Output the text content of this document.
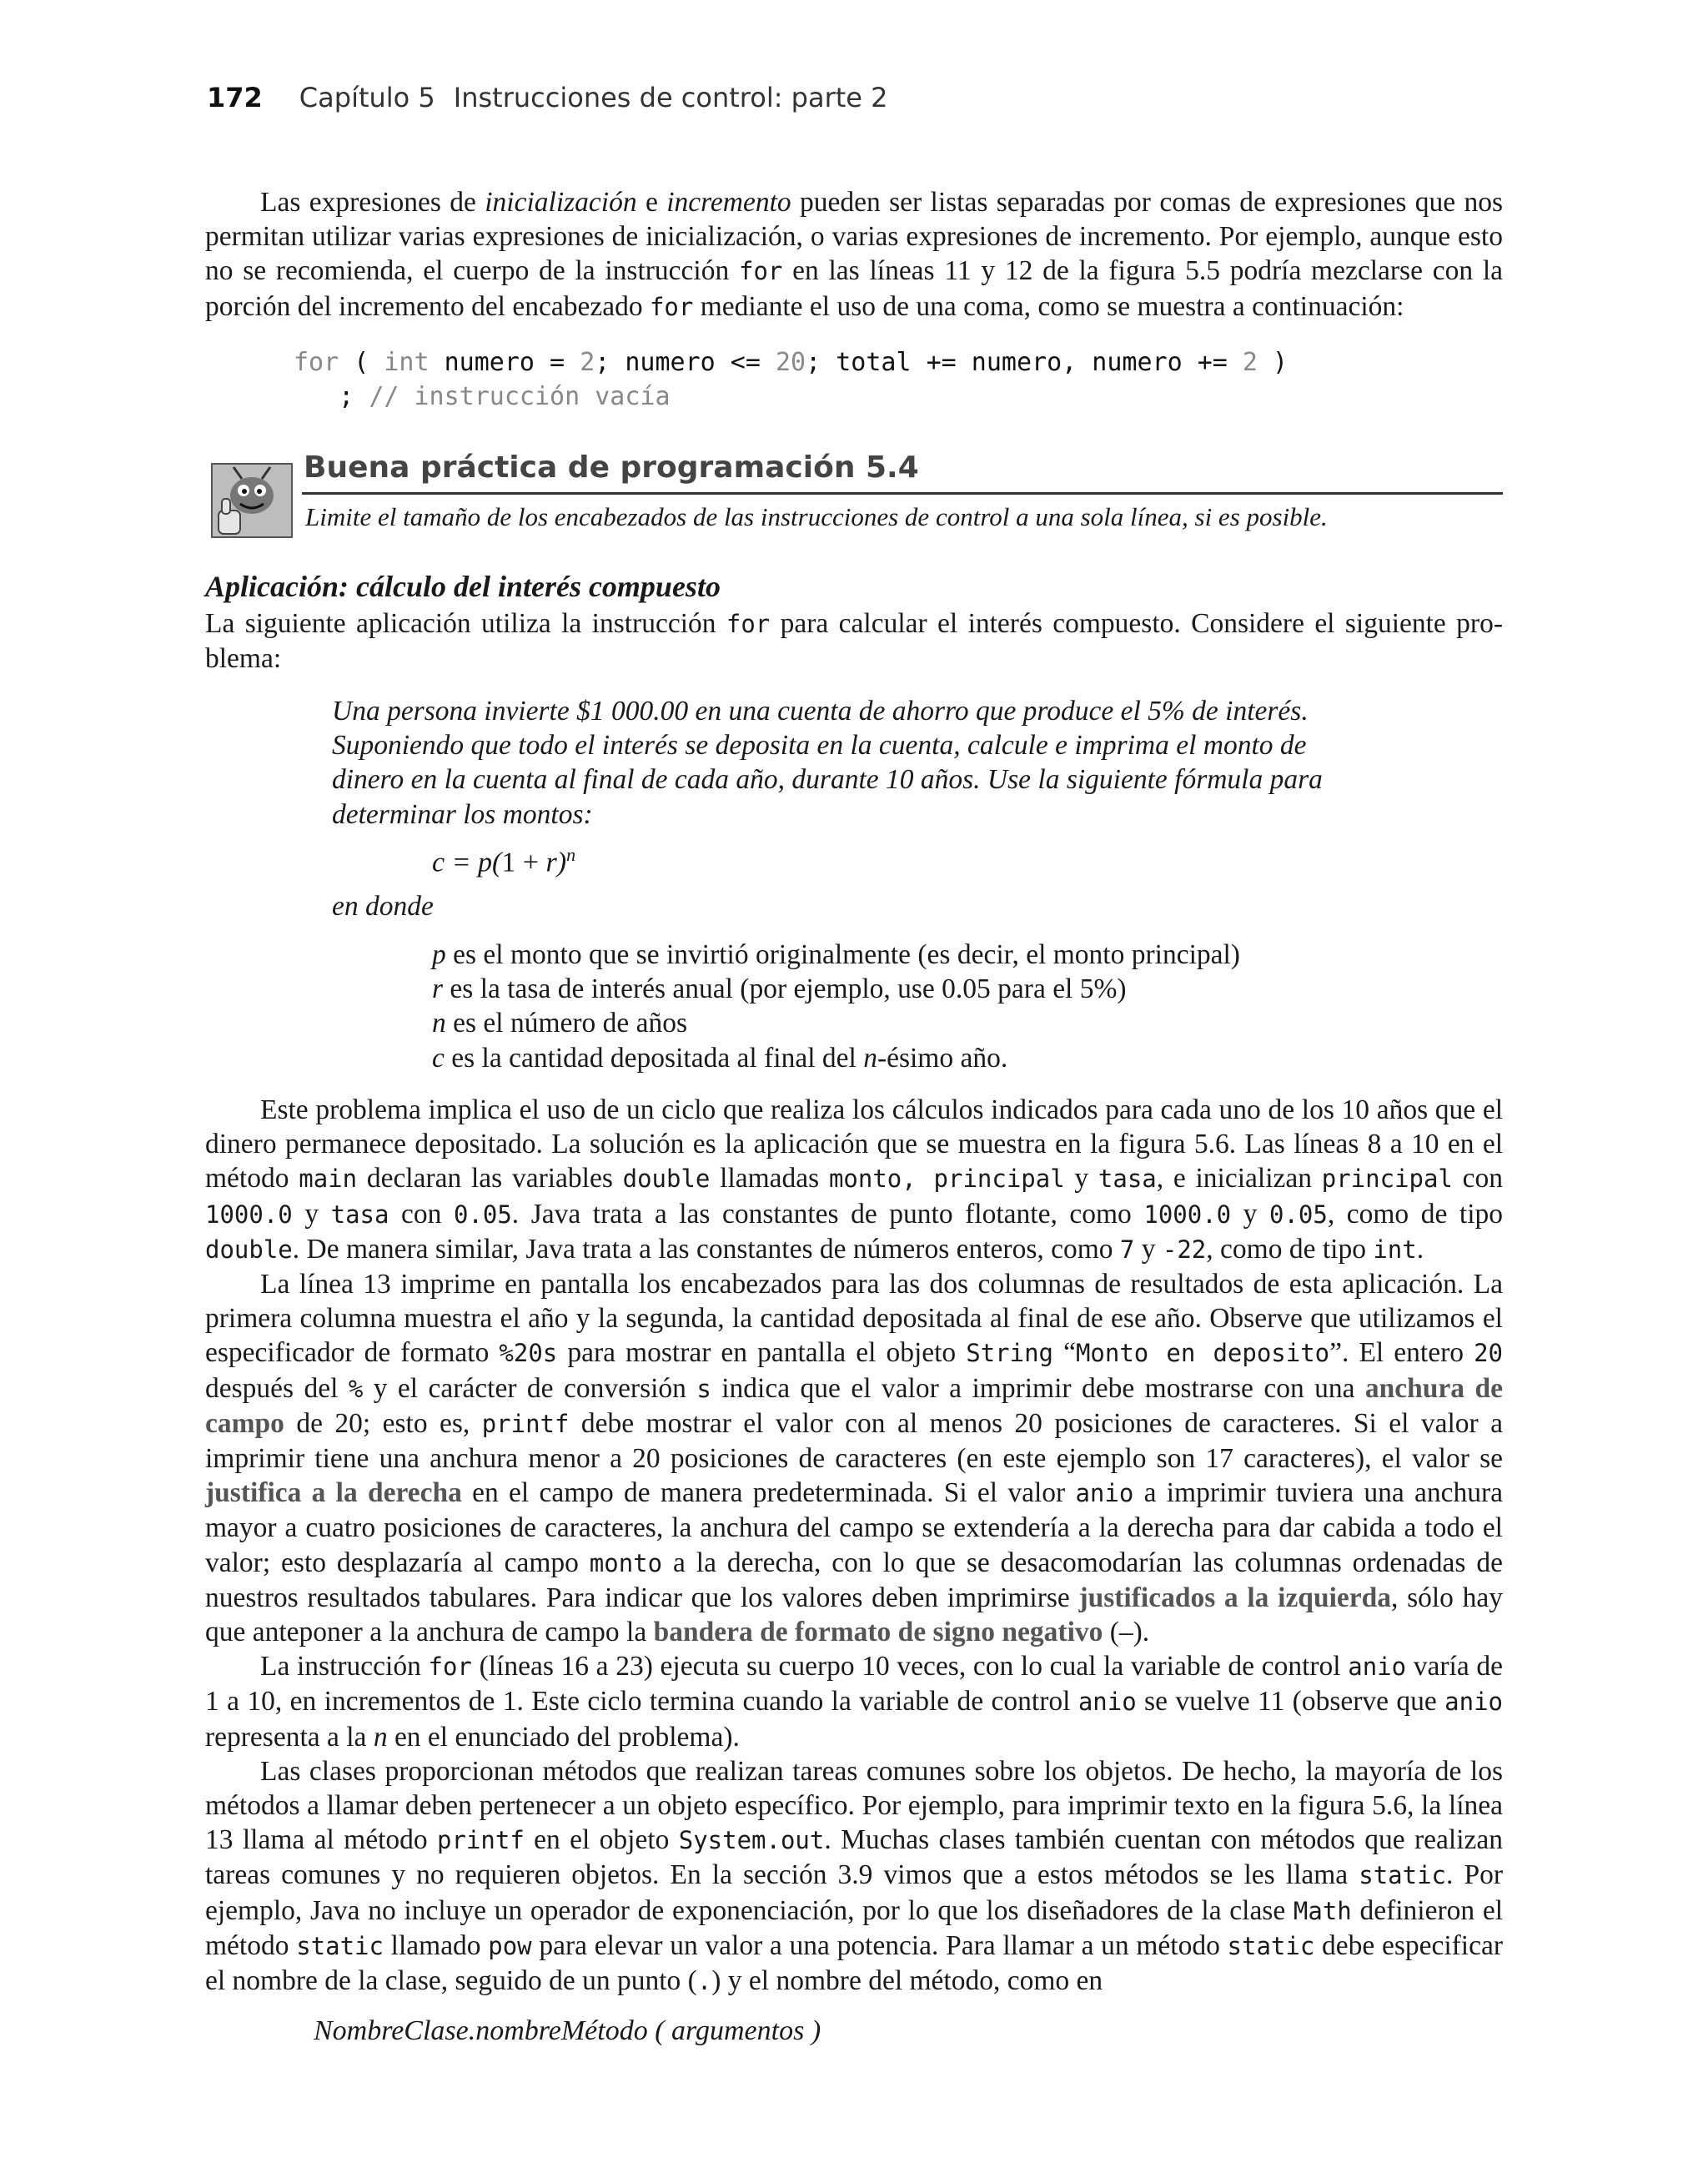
172 Capítulo 5 Instrucciones de control: parte 2

Las expresiones de inicialización e incremento pueden ser listas separadas por comas de expresiones que nos permitan utilizar varias expresiones de inicialización, o varias expresiones de incremento. Por ejemplo, aunque esto no se recomienda, el cuerpo de la instrucción for en las líneas 11 y 12 de la figura 5.5 podría mezclarse con la porción del incremento del encabezado for mediante el uso de una coma, como se muestra a continuación:

for ( int numero = 2; numero <= 20; total += numero, numero += 2 )
; // instrucción vacía
Buena práctica de programación 5.4
Limite el tamaño de los encabezados de las instrucciones de control a una sola línea, si es posible.
Aplicación: cálculo del interés compuesto

La siguiente aplicación utiliza la instrucción for para calcular el interés compuesto. Considere el siguiente pro-blema:

Una persona invierte $1 000.00 en una cuenta de ahorro que produce el 5% de interés. Suponiendo que todo el interés se deposita en la cuenta, calcule e imprima el monto de dinero en la cuenta al final de cada año, durante 10 años. Use la siguiente fórmula para determinar los montos:

$c = p(1 + r)^n$
en donde
p es el monto que se invirtió originalmente (es decir, el monto principal)
r es la tasa de interés anual (por ejemplo, use 0.05 para el 5%)
n es el número de años
c es la cantidad depositada al final del n-ésimo año.

Este problema implica el uso de un ciclo que realiza los cálculos indicados para cada uno de los 10 años que el dinero permanece depositado. La solución es la aplicación que se muestra en la figura 5.6. Las líneas 8 a 10 en el método main declaran las variables double llamadas monto, principal y tasa, e inicializan principal con 1000.0 y tasa con 0.05. Java trata a las constantes de punto flotante, como 1000.0 y 0.05, como de tipo double. De manera similar, Java trata a las constantes de números enteros, como 7 y -22, como de tipo int.

La línea 13 imprime en pantalla los encabezados para las dos columnas de resultados de esta aplicación. La primera columna muestra el año y la segunda, la cantidad depositada al final de ese año. Observe que utilizamos el especificador de formato %20s para mostrar en pantalla el objeto String “Monto en deposito”. El entero 20 después del % y el carácter de conversión s indica que el valor a imprimir debe mostrarse con una anchura de campo de 20; esto es, printf debe mostrar el valor con al menos 20 posiciones de caracteres. Si el valor a imprimir tiene una anchura menor a 20 posiciones de caracteres (en este ejemplo son 17 caracteres), el valor se justifica a la derecha en el campo de manera predeterminada. Si el valor anio a imprimir tuviera una anchura mayor a cuatro posiciones de caracteres, la anchura del campo se extendería a la derecha para dar cabida a todo el valor; esto desplazaría al campo monto a la derecha, con lo que se desacomodarían las columnas ordenadas de nuestros resultados tabulares. Para indicar que los valores deben imprimirse justificados a la izquierda, sólo hay que anteponer a la anchura de campo la bandera de formato de signo negativo (–).

La instrucción for (líneas 16 a 23) ejecuta su cuerpo 10 veces, con lo cual la variable de control anio varía de 1 a 10, en incrementos de 1. Este ciclo termina cuando la variable de control anio se vuelve 11 (observe que anio representa a la n en el enunciado del problema).

Las clases proporcionan métodos que realizan tareas comunes sobre los objetos. De hecho, la mayoría de los métodos a llamar deben pertenecer a un objeto específico. Por ejemplo, para imprimir texto en la figura 5.6, la línea 13 llama al método printf en el objeto System.out. Muchas clases también cuentan con métodos que realizan tareas comunes y no requieren objetos. En la sección 3.9 vimos que a estos métodos se les llama static. Por ejemplo, Java no incluye un operador de exponenciación, por lo que los diseñadores de la clase Math definieron el método static llamado pow para elevar un valor a una potencia. Para llamar a un método static debe especificar el nombre de la clase, seguido de un punto (.) y el nombre del método, como en

NombreClase.nombreMétodo ( argumentos )
